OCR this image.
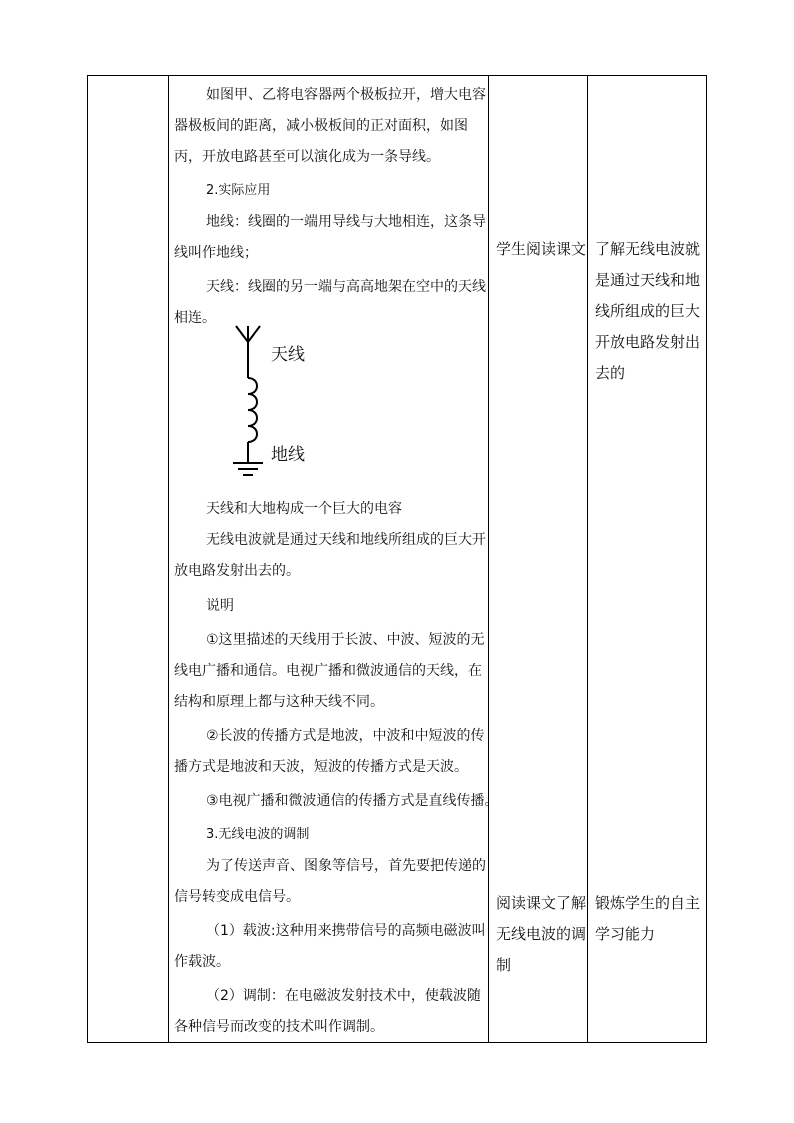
如图甲、乙将电容器两个极板拉开，增大电容器极板间的距离，减小极板间的正对面积，如图丙，开放电路甚至可以演化成为一条导线。

2.实际应用

地线：线圈的一端用导线与大地相连，这条导线叫作地线；

天线：线圈的另一端与高高地架在空中的天线相连。

天线
地线

天线和大地构成一个巨大的电容

无线电波就是通过天线和地线所组成的巨大开放电路发射出去的。

说明

①这里描述的天线用于长波、中波、短波的无线电广播和通信。电视广播和微波通信的天线，在结构和原理上都与这种天线不同。

②长波的传播方式是地波，中波和中短波的传播方式是地波和天波，短波的传播方式是天波。

③电视广播和微波通信的传播方式是直线传播。

3.无线电波的调制

为了传送声音、图象等信号，首先要把传递的信号转变成电信号。

（1）载波:这种用来携带信号的高频电磁波叫作载波。

（2）调制：在电磁波发射技术中，使载波随各种信号而改变的技术叫作调制。

学生阅读课文
阅读课文了解无线电波的调制
了解无线电波就是通过天线和地线所组成的巨大开放电路发射出去的
锻炼学生的自主学习能力
